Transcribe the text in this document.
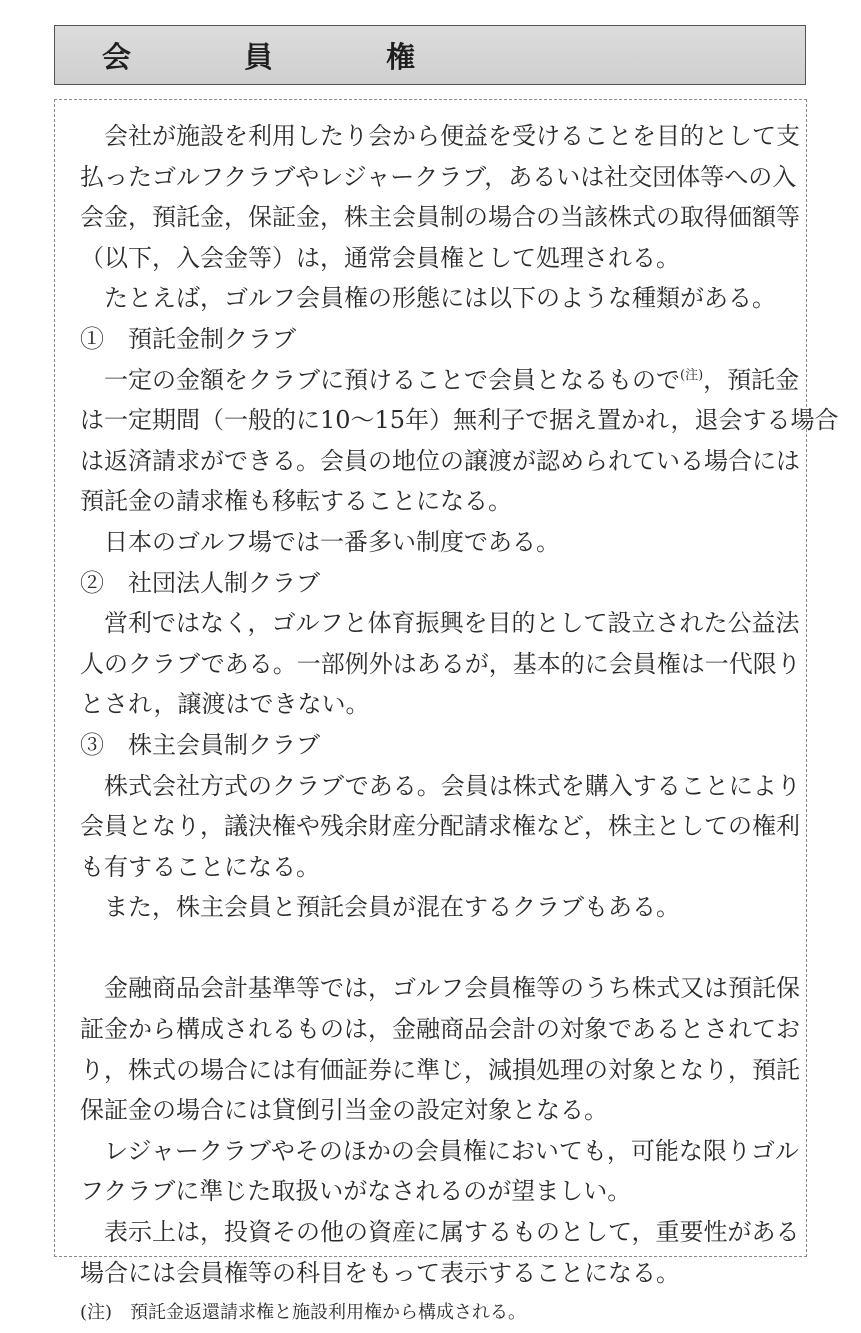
会　員　権
会社が施設を利用したり会から便益を受けることを目的として支
払ったゴルフクラブやレジャークラブ，あるいは社交団体等への入
会金，預託金，保証金，株主会員制の場合の当該株式の取得価額等
（以下，入会金等）は，通常会員権として処理される。
たとえば，ゴルフ会員権の形態には以下のような種類がある。
①　預託金制クラブ
一定の金額をクラブに預けることで会員となるもので$^{(注)}$，預託金
は一定期間（一般的に10～15年）無利子で据え置かれ，退会する場合
は返済請求ができる。会員の地位の譲渡が認められている場合には
預託金の請求権も移転することになる。
日本のゴルフ場では一番多い制度である。
②　社団法人制クラブ
営利ではなく，ゴルフと体育振興を目的として設立された公益法
人のクラブである。一部例外はあるが，基本的に会員権は一代限り
とされ，譲渡はできない。
③　株主会員制クラブ
株式会社方式のクラブである。会員は株式を購入することにより
会員となり，議決権や残余財産分配請求権など，株主としての権利
も有することになる。
また，株主会員と預託会員が混在するクラブもある。
金融商品会計基準等では，ゴルフ会員権等のうち株式又は預託保
証金から構成されるものは，金融商品会計の対象であるとされてお
り，株式の場合には有価証券に準じ，減損処理の対象となり，預託
保証金の場合には貸倒引当金の設定対象となる。
レジャークラブやそのほかの会員権においても，可能な限りゴル
フクラブに準じた取扱いがなされるのが望ましい。
表示上は，投資その他の資産に属するものとして，重要性がある
場合には会員権等の科目をもって表示することになる。
(注)　預託金返還請求権と施設利用権から構成される。
